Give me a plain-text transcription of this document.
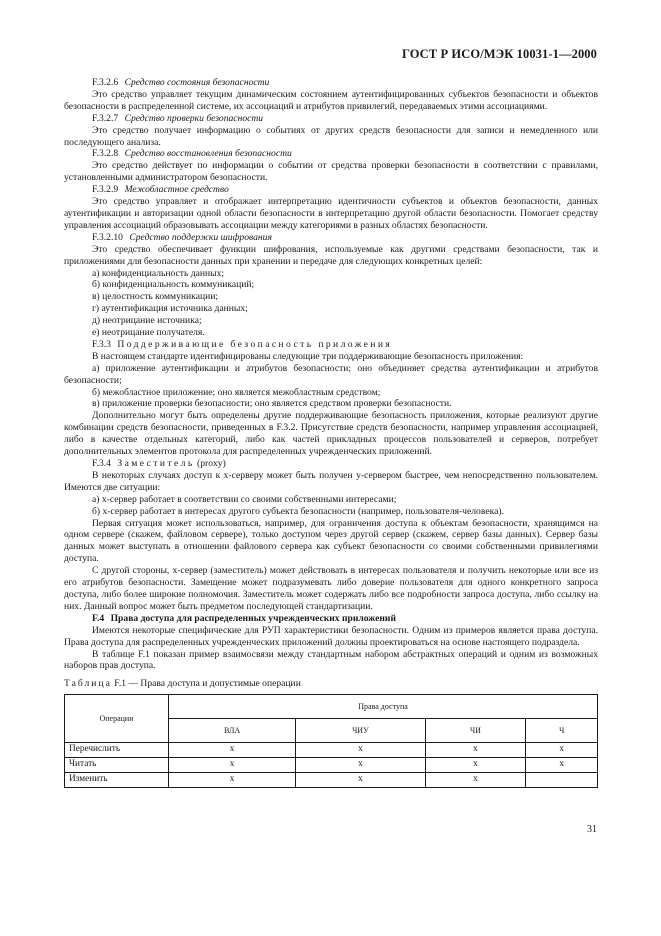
ГОСТ Р ИСО/МЭК 10031-1—2000

F.3.2.6 Средство состояния безопасности

Это средство управляет текущим динамическим состоянием аутентифицированных субъектов безопасности и объектов безопасности в распределенной системе, их ассоциаций и атрибутов привилегий, передаваемых этими ассоциациями.

F.3.2.7 Средство проверки безопасности

Это средство получает информацию о событиях от других средств безопасности для записи и немедленного или последующего анализа.

F.3.2.8 Средство восстановления безопасности

Это средство действует по информации о событии от средства проверки безопасности в соответствии с правилами, установленными администратором безопасности.

F.3.2.9 Межобластное средство

Это средство управляет и отображает интерпретацию идентичности субъектов и объектов безопасности, данных аутентификации и авторизации одной области безопасности в интерпретацию другой области безопасности. Помогает средству управления ассоциаций образовывать ассоциации между категориями в разных областях безопасности.

F.3.2.10 Средство поддержки шифрования

Это средство обеспечивает функции шифрования, используемые как другими средствами безопасности, так и приложениями для безопасности данных при хранении и передаче для следующих конкретных целей:

а) конфиденциальность данных;

б) конфиденциальность коммуникаций;

в) целостность коммуникации;

г) аутентификация источника данных;

д) неотрицание источника;

е) неотрицание получателя.

F.3.3 Поддерживающие безопасность приложения

В настоящем стандарте идентифицированы следующие три поддерживающие безопасность приложения:

а) приложение аутентификации и атрибутов безопасности; оно объединяет средства аутентификации и атрибутов безопасности;

б) межобластное приложение; оно является межобластным средством;

в) приложение проверки безопасности; оно является средством проверки безопасности.

Дополнительно могут быть определены другие поддерживающие безопасность приложения, которые реализуют другие комбинации средств безопасности, приведенных в F.3.2. Присутствие средств безопасности, например управления ассоциацией, либо в качестве отдельных категорий, либо как частей прикладных процессов пользователей и серверов, потребует дополнительных элементов протокола для распределенных учрежденческих приложений.

F.3.4 Заместитель (proxy)

В некоторых случаях доступ к x-серверу может быть получен y-сервером быстрее, чем непосредственно пользователем. Имеются две ситуации:

а) x-сервер работает в соответствии со своими собственными интересами;

б) x-сервер работает в интересах другого субъекта безопасности (например, пользователя-человека).

Первая ситуация может использоваться, например, для ограничения доступа к объектам безопасности, хранящимся на одном сервере (скажем, файловом сервере), только доступом через другой сервер (скажем, сервер базы данных). Сервер базы данных может выступать в отношении файлового сервера как субъект безопасности со своими собственными привилегиями доступа.

С другой стороны, x-сервер (заместитель) может действовать в интересах пользователя и получить некоторые или все из его атрибутов безопасности. Замещение может подразумевать либо доверие пользователя для одного конкретного запроса доступа, либо более широкие полномочия. Заместитель может содержать либо все подробности запроса доступа, либо ссылку на них. Данный вопрос может быть предметом последующей стандартизации.

F.4 Права доступа для распределенных учрежденческих приложений

Имеются некоторые специфические для РУП характеристики безопасности. Одним из примеров является права доступа. Права доступа для распределенных учрежденческих приложений должны проектироваться на основе настоящего подраздела.

В таблице F.1 показан пример взаимосвязи между стандартным набором абстрактных операций и одним из возможных наборов прав доступа.

Таблица F.1 — Права доступа и допустимые операции

Операции	Права доступа			
	ВЛА	ЧИУ	ЧИ	Ч
Перечислить	x	x	x	x
Читать	x	x	x	x
Изменить	x	x	x	
31
